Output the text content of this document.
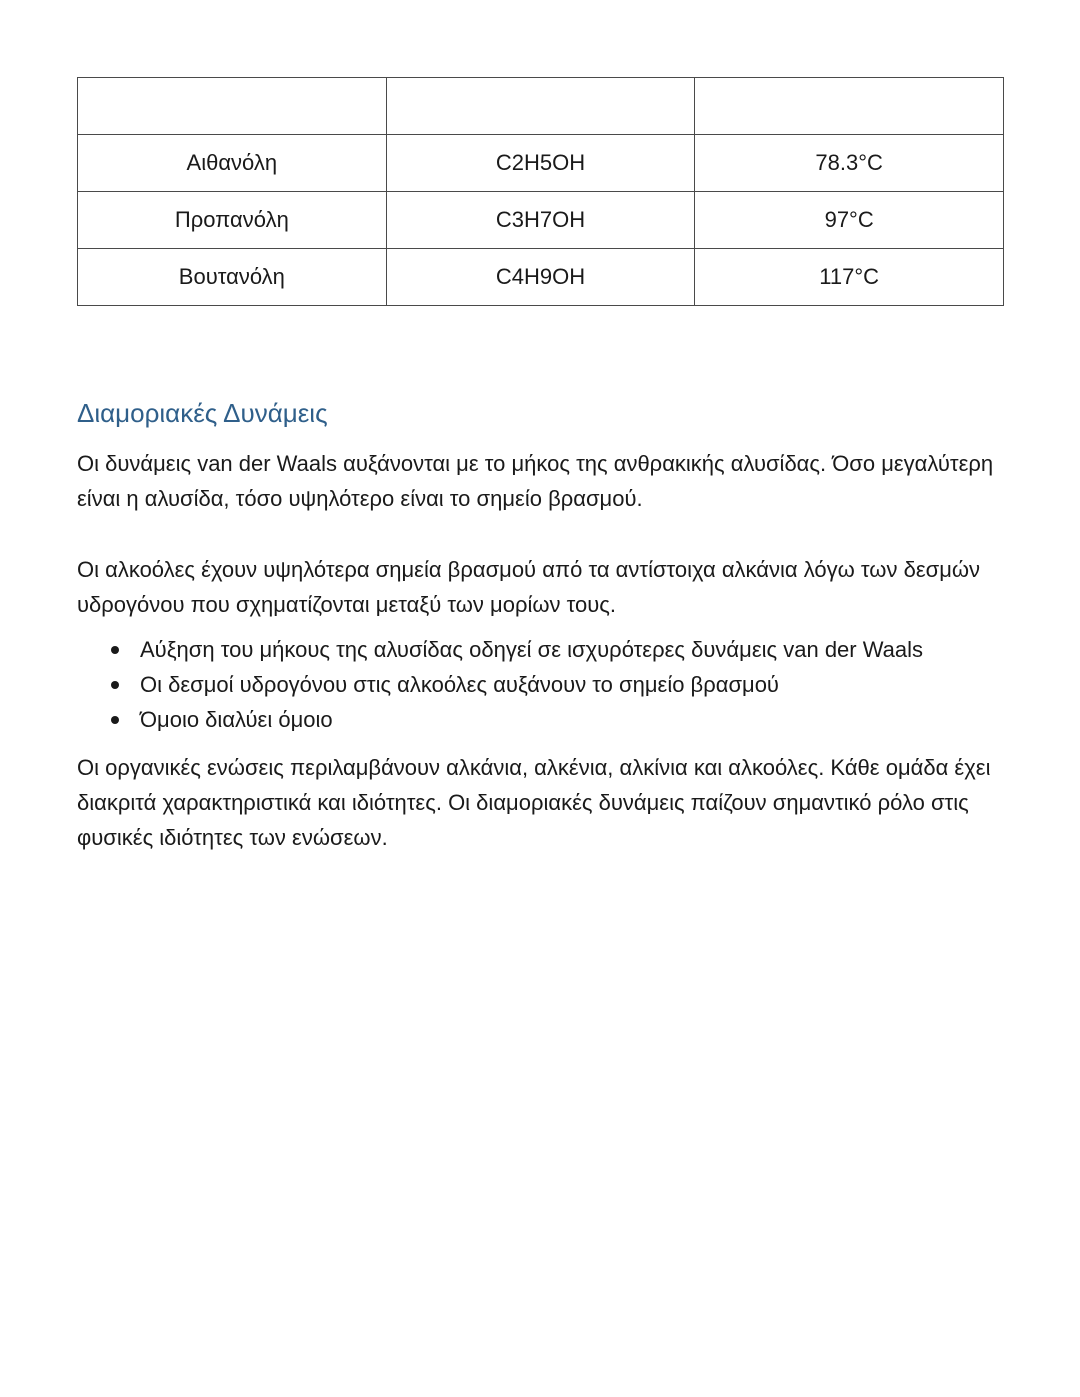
Αιθανόλη	C2H5OH	78.3°C
Προπανόλη	C3H7OH	97°C
Βουτανόλη	C4H9OH	117°C
Διαμοριακές Δυνάμεις

Οι δυνάμεις van der Waals αυξάνονται με το μήκος της ανθρακικής αλυσίδας. Όσο μεγαλύτερη είναι η αλυσίδα, τόσο υψηλότερο είναι το σημείο βρασμού.

Οι αλκοόλες έχουν υψηλότερα σημεία βρασμού από τα αντίστοιχα αλκάνια λόγω των δεσμών υδρογόνου που σχηματίζονται μεταξύ των μορίων τους.

Αύξηση του μήκους της αλυσίδας οδηγεί σε ισχυρότερες δυνάμεις van der Waals
Οι δεσμοί υδρογόνου στις αλκοόλες αυξάνουν το σημείο βρασμού
Όμοιο διαλύει όμοιο

Οι οργανικές ενώσεις περιλαμβάνουν αλκάνια, αλκένια, αλκίνια και αλκοόλες. Κάθε ομάδα έχει διακριτά χαρακτηριστικά και ιδιότητες. Οι διαμοριακές δυνάμεις παίζουν σημαντικό ρόλο στις φυσικές ιδιότητες των ενώσεων.
